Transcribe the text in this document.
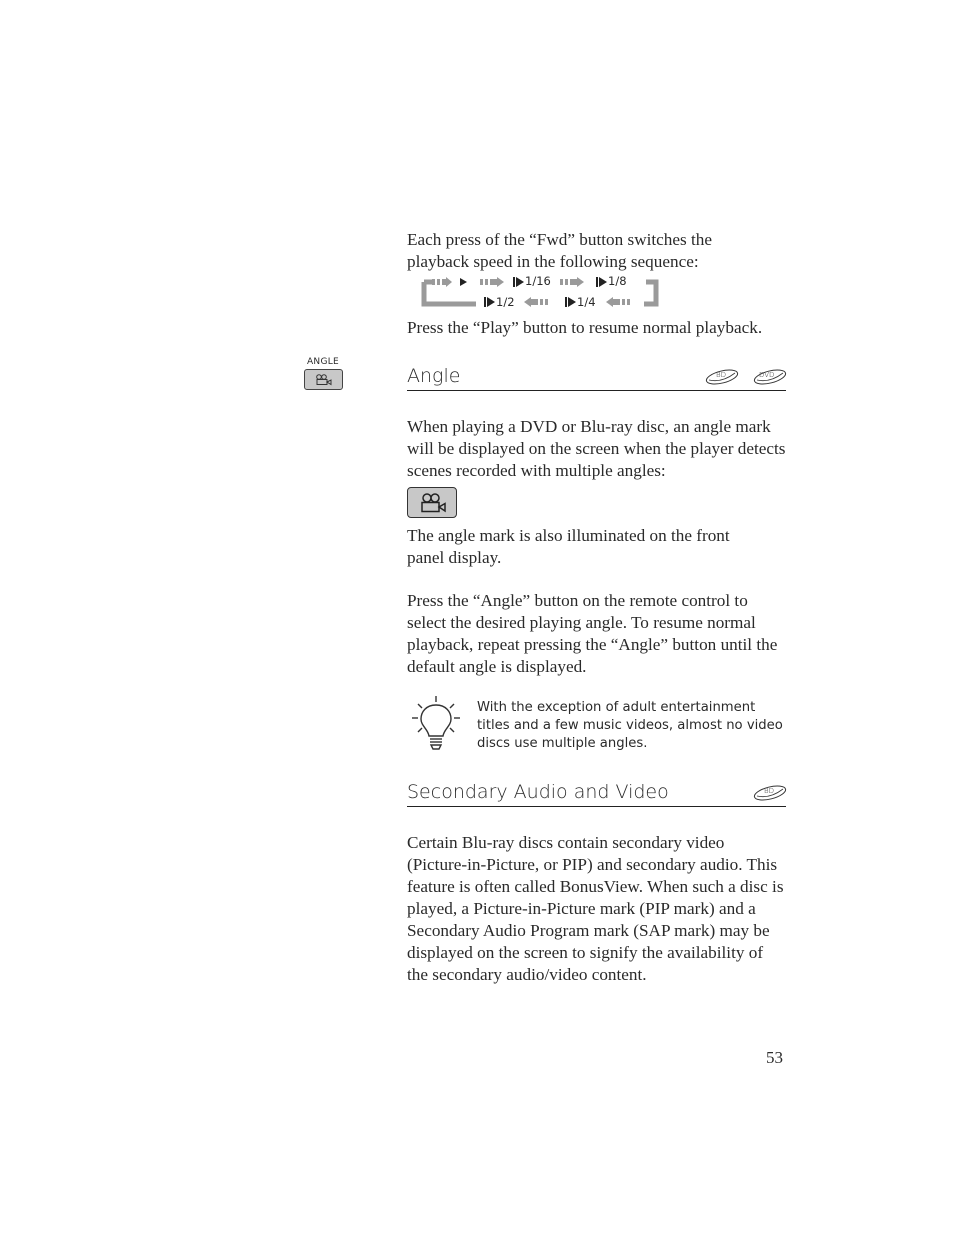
Each press of the “Fwd” button switches the playback speed in the following sequence:

1/16	1/8
1/2	1/4

Press the “Play” button to resume normal playback.

ANGLE
Angle	BD	DVD

When playing a DVD or Blu-ray disc, an angle mark will be displayed on the screen when the player detects scenes recorded with multiple angles:

The angle mark is also illuminated on the front panel display.

Press the “Angle” button on the remote control to select the desired playing angle. To resume normal playback, repeat pressing the “Angle” button until the default angle is displayed.

With the exception of adult entertainment titles and a few music videos, almost no video discs use multiple angles.

Secondary Audio and Video	BD

Certain Blu-ray discs contain secondary video (Picture-in-Picture, or PIP) and secondary audio. This feature is often called BonusView. When such a disc is played, a Picture-in-Picture mark (PIP mark) and a Secondary Audio Program mark (SAP mark) may be displayed on the screen to signify the availability of the secondary audio/video content.

53
